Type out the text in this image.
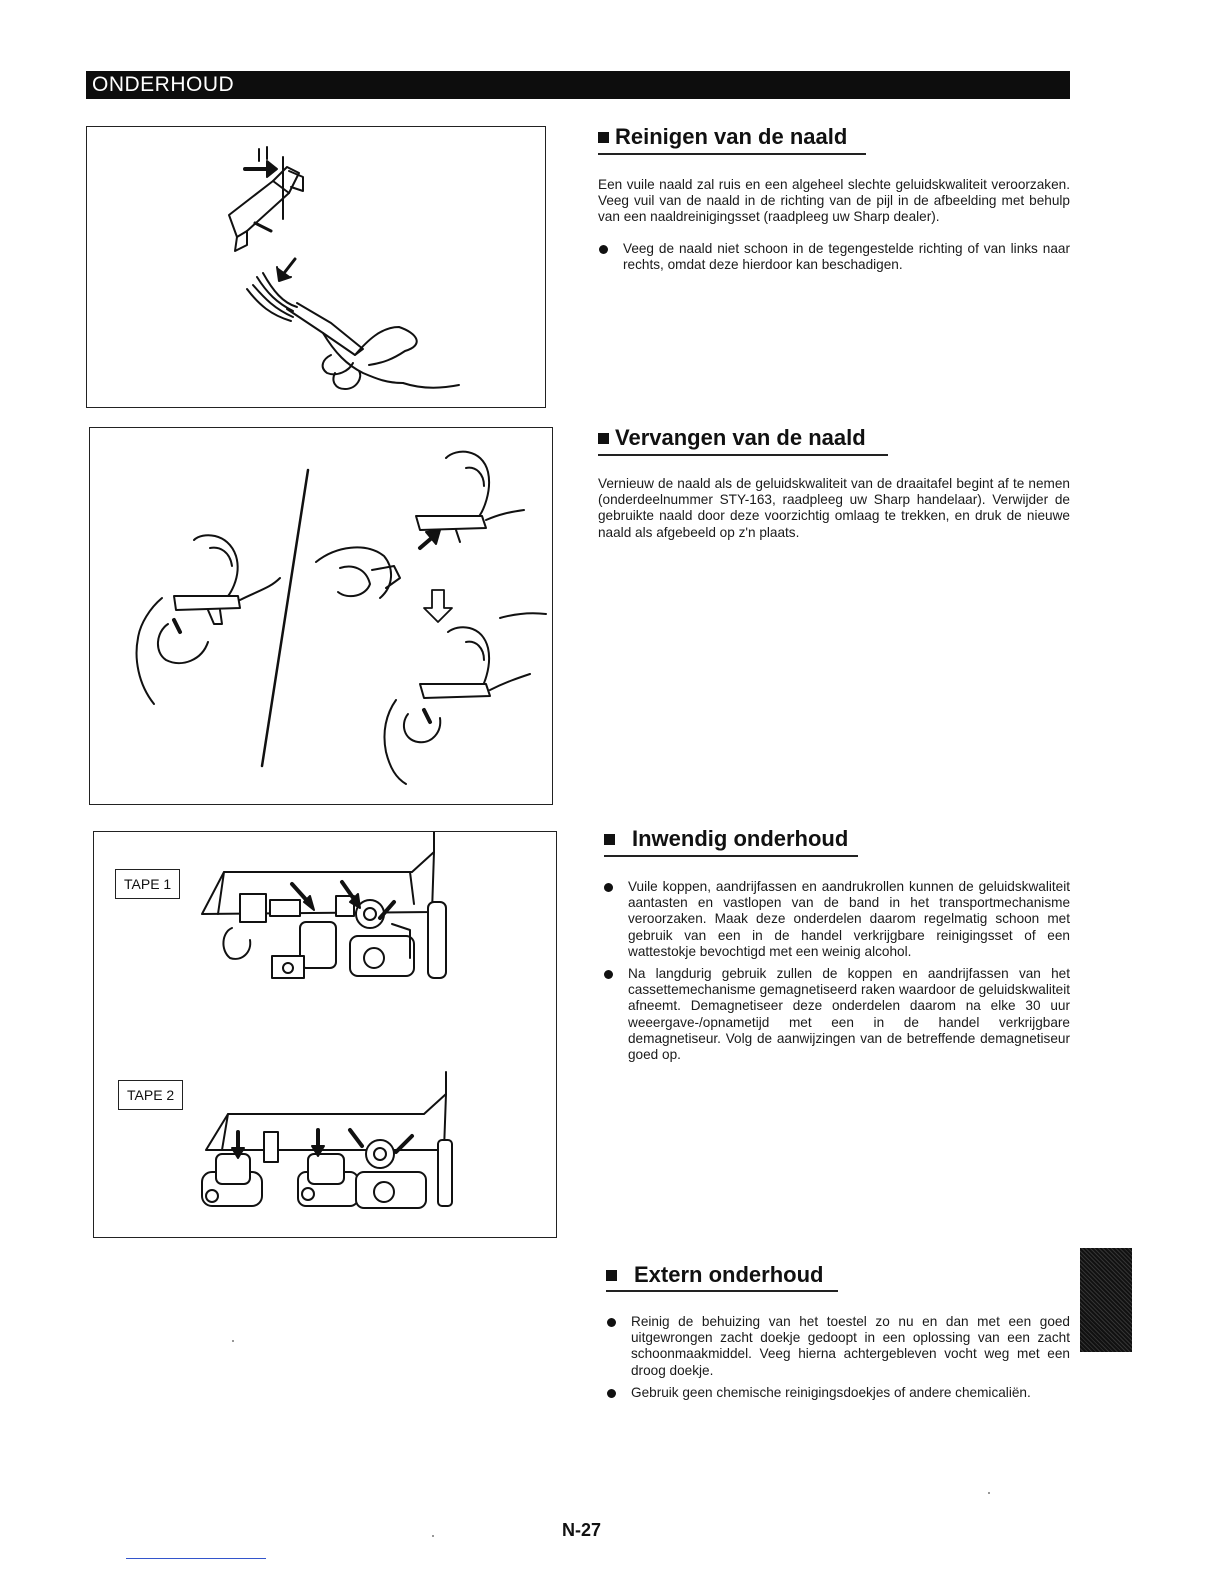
ONDERHOUD
TAPE 1
TAPE 2
Reinigen van de naald
Een vuile naald zal ruis en een algeheel slechte geluidskwaliteit veroorzaken. Veeg vuil van de naald in de richting van de pijl in de afbeelding met behulp van een naaldreinigingsset (raadpleeg uw Sharp dealer).
Veeg de naald niet schoon in de tegengestelde richting of van links naar rechts, omdat deze hierdoor kan beschadigen.
Vervangen van de naald
Vernieuw de naald als de geluidskwaliteit van de draaitafel begint af te nemen (onderdeelnummer STY-163, raadpleeg uw Sharp handelaar). Verwijder de gebruikte naald door deze voorzichtig omlaag te trekken, en druk de nieuwe naald als afgebeeld op z'n plaats.
Inwendig onderhoud
Vuile koppen, aandrijfassen en aandrukrollen kunnen de geluidskwaliteit aantasten en vastlopen van de band in het transportmechanisme veroorzaken. Maak deze onderdelen daarom regelmatig schoon met gebruik van een in de handel verkrijgbare reinigingsset of een wattestokje bevochtigd met een weinig alcohol.
Na langdurig gebruik zullen de koppen en aandrijfassen van het cassettemechanisme gemagnetiseerd raken waardoor de geluidskwaliteit afneemt. Demagnetiseer deze onderdelen daarom na elke 30 uur weeergave-/opnametijd met een in de handel verkrijgbare demagnetiseur. Volg de aanwijzingen van de betreffende demagnetiseur goed op.
Extern onderhoud
Reinig de behuizing van het toestel zo nu en dan met een goed uitgewrongen zacht doekje gedoopt in een oplossing van een zacht schoonmaakmiddel. Veeg hierna achtergebleven vocht weg met een droog doekje.
Gebruik geen chemische reinigingsdoekjes of andere chemicaliën.
N-27
